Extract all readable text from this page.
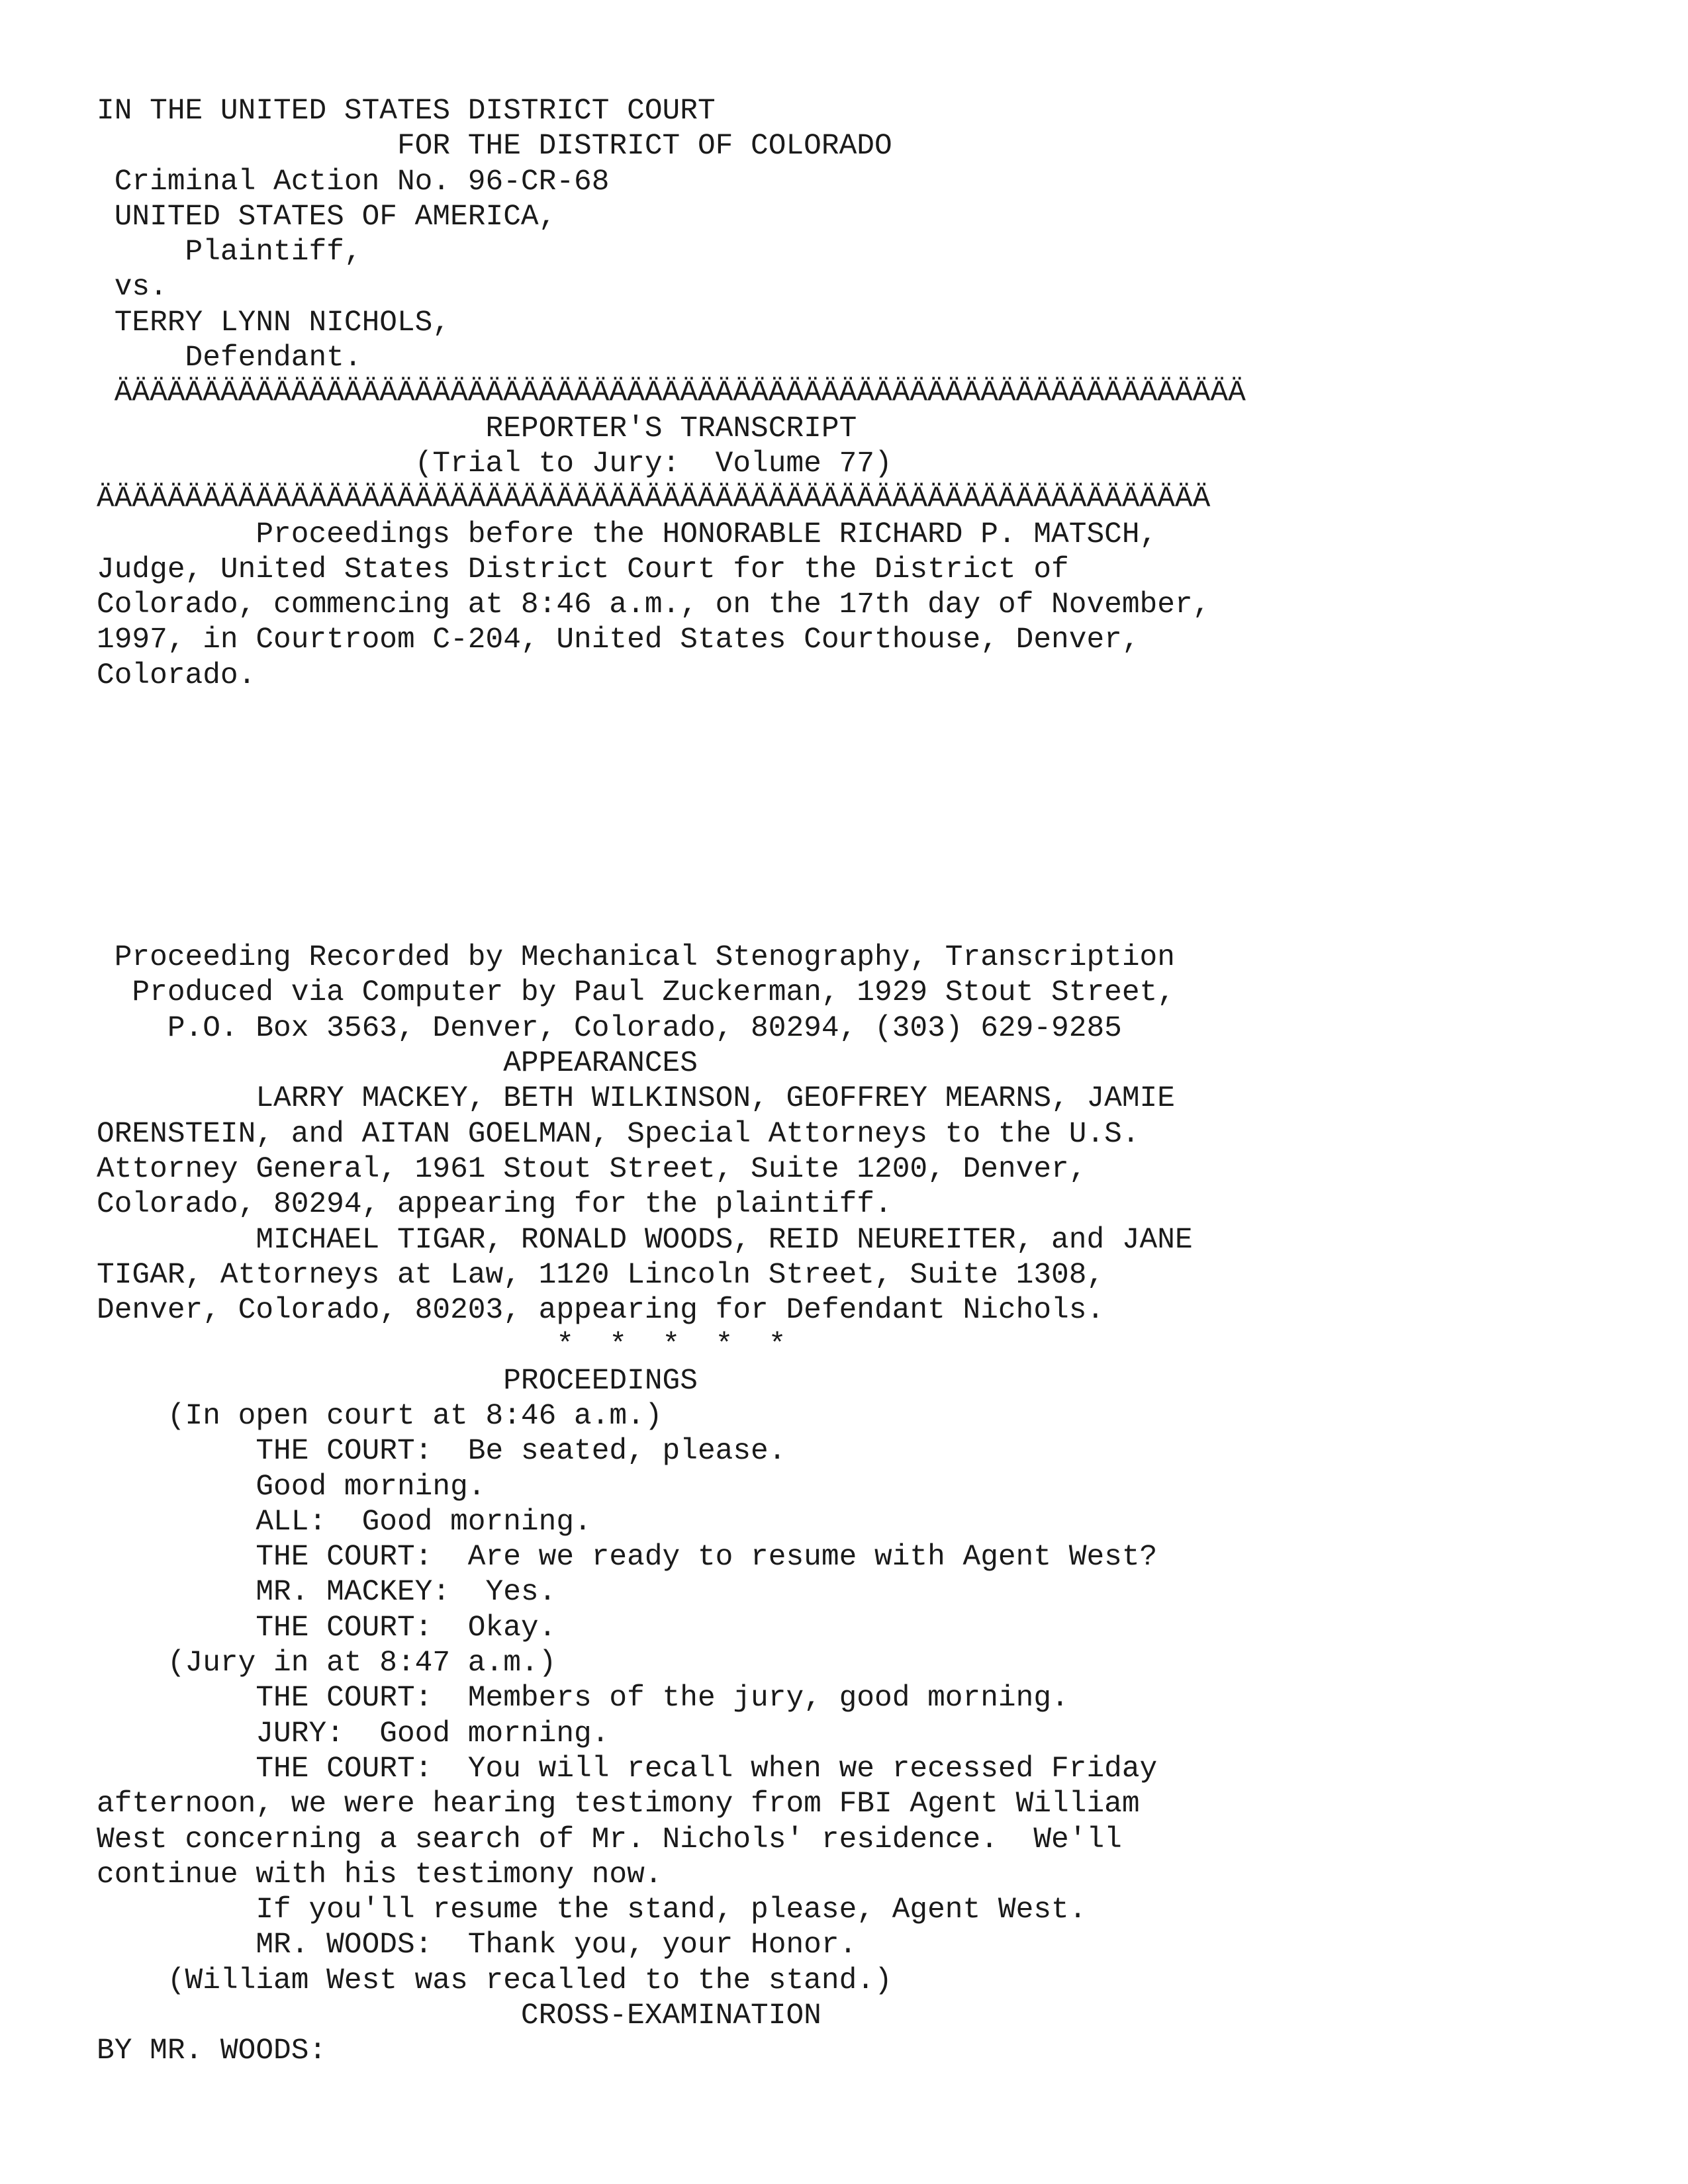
IN THE UNITED STATES DISTRICT COURT
FOR THE DISTRICT OF COLORADO
Criminal Action No. 96-CR-68
UNITED STATES OF AMERICA,
Plaintiff,
vs.
TERRY LYNN NICHOLS,
Defendant.
ÄÄÄÄÄÄÄÄÄÄÄÄÄÄÄÄÄÄÄÄÄÄÄÄÄÄÄÄÄÄÄÄÄÄÄÄÄÄÄÄÄÄÄÄÄÄÄÄÄÄÄÄÄÄÄÄÄÄÄÄÄÄÄÄ
REPORTER'S TRANSCRIPT
(Trial to Jury:  Volume 77)
ÄÄÄÄÄÄÄÄÄÄÄÄÄÄÄÄÄÄÄÄÄÄÄÄÄÄÄÄÄÄÄÄÄÄÄÄÄÄÄÄÄÄÄÄÄÄÄÄÄÄÄÄÄÄÄÄÄÄÄÄÄÄÄ
Proceedings before the HONORABLE RICHARD P. MATSCH,
Judge, United States District Court for the District of
Colorado, commencing at 8:46 a.m., on the 17th day of November,
1997, in Courtroom C-204, United States Courthouse, Denver,
Colorado.
Proceeding Recorded by Mechanical Stenography, Transcription
Produced via Computer by Paul Zuckerman, 1929 Stout Street,
P.O. Box 3563, Denver, Colorado, 80294, (303) 629-9285
APPEARANCES
LARRY MACKEY, BETH WILKINSON, GEOFFREY MEARNS, JAMIE
ORENSTEIN, and AITAN GOELMAN, Special Attorneys to the U.S.
Attorney General, 1961 Stout Street, Suite 1200, Denver,
Colorado, 80294, appearing for the plaintiff.
MICHAEL TIGAR, RONALD WOODS, REID NEUREITER, and JANE
TIGAR, Attorneys at Law, 1120 Lincoln Street, Suite 1308,
Denver, Colorado, 80203, appearing for Defendant Nichols.
*  *  *  *  *
PROCEEDINGS
(In open court at 8:46 a.m.)
THE COURT:  Be seated, please.
Good morning.
ALL:  Good morning.
THE COURT:  Are we ready to resume with Agent West?
MR. MACKEY:  Yes.
THE COURT:  Okay.
(Jury in at 8:47 a.m.)
THE COURT:  Members of the jury, good morning.
JURY:  Good morning.
THE COURT:  You will recall when we recessed Friday
afternoon, we were hearing testimony from FBI Agent William
West concerning a search of Mr. Nichols' residence.  We'll
continue with his testimony now.
If you'll resume the stand, please, Agent West.
MR. WOODS:  Thank you, your Honor.
(William West was recalled to the stand.)
CROSS-EXAMINATION
BY MR. WOODS:
